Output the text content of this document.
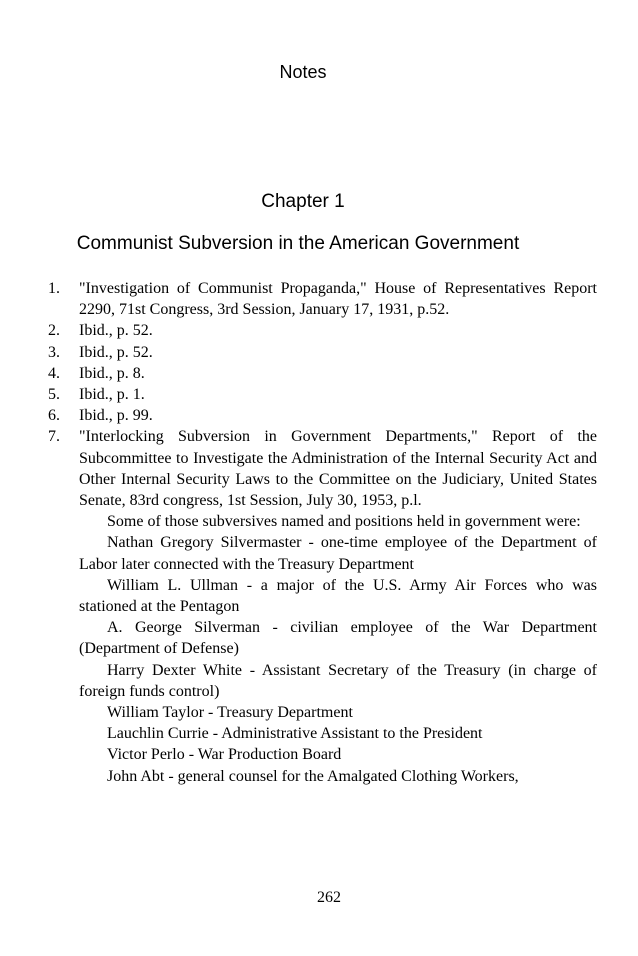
Notes
Chapter 1
Communist Subversion in the American Government
1. "Investigation of Communist Propaganda," House of Representatives Report 2290, 71st Congress, 3rd Session, January 17, 1931, p.52.
2. Ibid., p. 52.
3. Ibid., p. 52.
4. Ibid., p. 8.
5. Ibid., p. 1.
6. Ibid., p. 99.
7. "Interlocking Subversion in Government Departments," Report of the Subcommittee to Investigate the Administration of the Internal Security Act and Other Internal Security Laws to the Committee on the Judiciary, United States Senate, 83rd congress, 1st Session, July 30, 1953, p.l.
Some of those subversives named and positions held in government were:
Nathan Gregory Silvermaster - one-time employee of the Department of Labor later connected with the Treasury Department
William L. Ullman - a major of the U.S. Army Air Forces who was stationed at the Pentagon
A. George Silverman - civilian employee of the War Department (Department of Defense)
Harry Dexter White - Assistant Secretary of the Treasury (in charge of foreign funds control)
William Taylor - Treasury Department
Lauchlin Currie - Administrative Assistant to the President
Victor Perlo - War Production Board
John Abt - general counsel for the Amalgated Clothing Workers,
262
